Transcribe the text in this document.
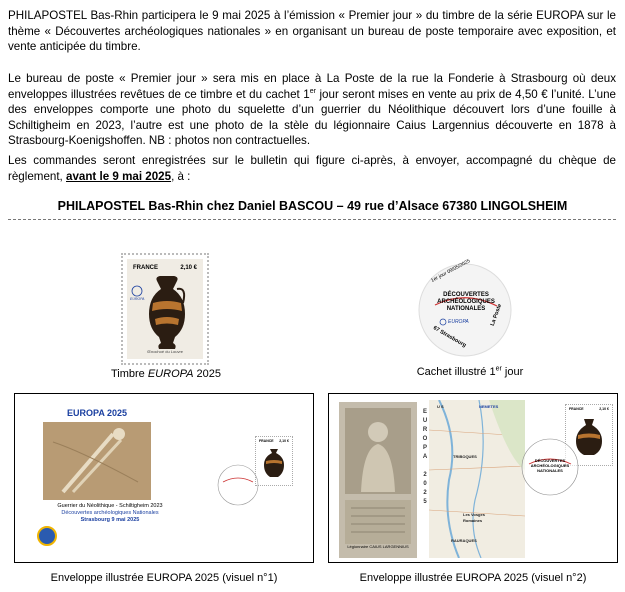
PHILAPOSTEL Bas-Rhin participera le 9 mai 2025 à l’émission « Premier jour » du timbre de la série EUROPA sur le thème « Découvertes archéologiques nationales » en organisant un bureau de poste temporaire avec exposition, et vente anticipée du timbre.

Le bureau de poste « Premier jour » sera mis en place à La Poste de la rue la Fonderie à Strasbourg où deux enveloppes illustrées revêtues de ce timbre et du cachet 1er jour seront mises en vente au prix de 4,50 € l’unité. L’une des enveloppes comporte une photo du squelette d’un guerrier du Néolithique découvert lors d’une fouille à Schiltigheim en 2023, l’autre est une photo de la stèle du légionnaire Caius Largennius découverte en 1878 à Strasbourg-Koenigshoffen. NB : photos non contractuelles.

Les commandes seront enregistrées sur le bulletin qui figure ci-après, à envoyer, accompagné du chèque de règlement, avant le 9 mai 2025, à :

PHILAPOSTEL Bas-Rhin chez Daniel BASCOU – 49 rue d’Alsace 67380 LINGOLSHEIM
FRANCE	2,10 €
EUROPA
Œnochoé du Louvre
Timbre EUROPA 2025
1er jour 09/05/2025
DÉCOUVERTES
ARCHÉOLOGIQUES
NATIONALES
EUROPA
67 Strasbourg
La Poste
Cachet illustré 1er jour
EUROPA 2025
Guerrier du Néolithique - Schiltigheim 2023
Découvertes archéologiques Nationales
Strasbourg 9 mai 2025
FRANCE 2,10 €
Enveloppe illustrée EUROPA 2025 (visuel n°1)
Légionnaire CAIUS LARGENNIUS
E
U
R
O
P
A

2
0
2
5
U S	NEMETES
TRIBOQUES
RAURAQUES
Les Vosges
Romaines
FRANCE	2,10 €
DÉCOUVERTES
ARCHÉOLOGIQUES
NATIONALES
Enveloppe illustrée EUROPA 2025 (visuel n°2)
